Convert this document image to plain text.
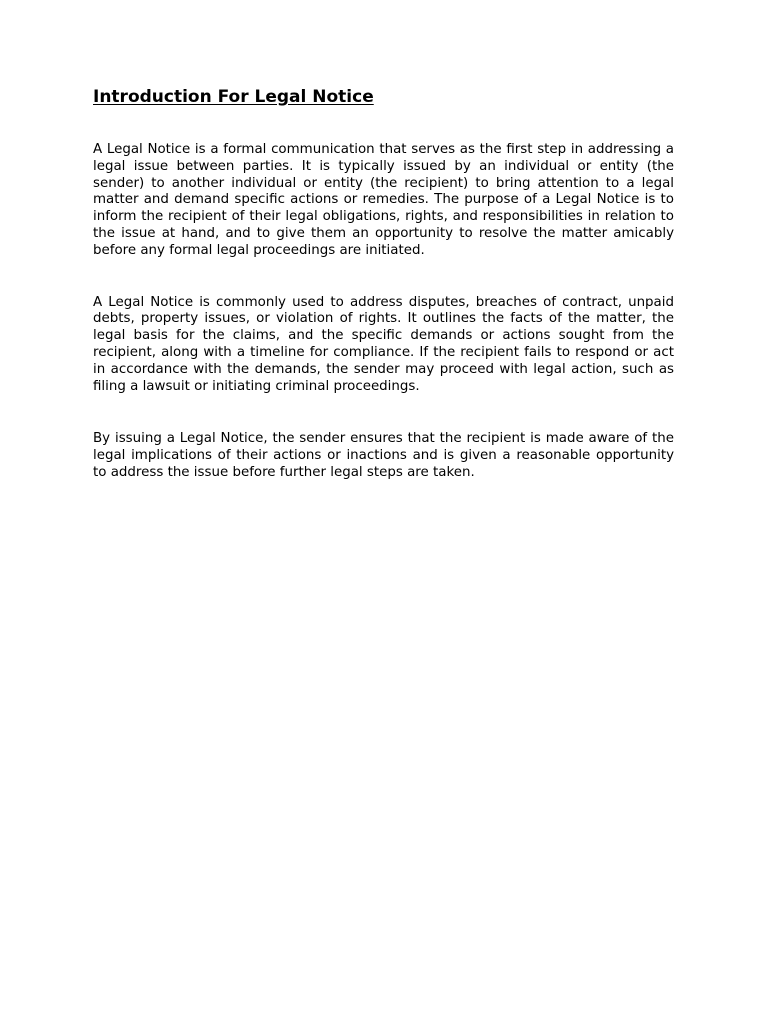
Introduction For Legal Notice

A Legal Notice is a formal communication that serves as the first step in addressing a legal issue between parties. It is typically issued by an individual or entity (the sender) to another individual or entity (the recipient) to bring attention to a legal matter and demand specific actions or remedies. The purpose of a Legal Notice is to inform the recipient of their legal obligations, rights, and responsibilities in relation to the issue at hand, and to give them an opportunity to resolve the matter amicably before any formal legal proceedings are initiated.

A Legal Notice is commonly used to address disputes, breaches of contract, unpaid debts, property issues, or violation of rights. It outlines the facts of the matter, the legal basis for the claims, and the specific demands or actions sought from the recipient, along with a timeline for compliance. If the recipient fails to respond or act in accordance with the demands, the sender may proceed with legal action, such as filing a lawsuit or initiating criminal proceedings.

By issuing a Legal Notice, the sender ensures that the recipient is made aware of the legal implications of their actions or inactions and is given a reasonable opportunity to address the issue before further legal steps are taken.
